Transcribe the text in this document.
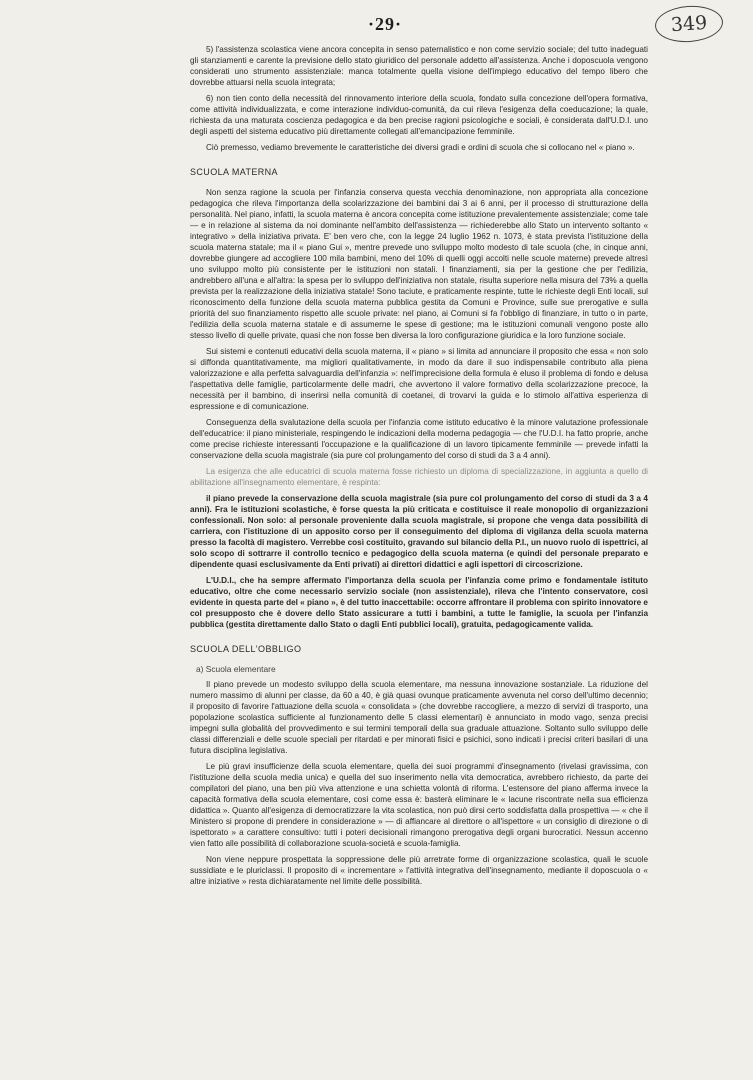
·29·	349

5) l'assistenza scolastica viene ancora concepita in senso paternalistico e non come servizio sociale; del tutto inadeguati gli stanziamenti e carente la previsione dello stato giuridico del personale addetto all'assistenza. Anche i doposcuola vengono considerati uno strumento assistenziale: manca totalmente quella visione dell'impiego educativo del tempo libero che dovrebbe attuarsi nella scuola integrata;

6) non tien conto della necessità del rinnovamento interiore della scuola, fondato sulla concezione dell'opera formativa, come attività individualizzata, e come interazione individuo-comunità, da cui rileva l'esigenza della coeducazione; la quale, richiesta da una maturata coscienza pedagogica e da ben precise ragioni psicologiche e sociali, è considerata dall'U.D.I. uno degli aspetti del sistema educativo più direttamente collegati all'emancipazione femminile.

Ciò premesso, vediamo brevemente le caratteristiche dei diversi gradi e ordini di scuola che si collocano nel « piano ».

SCUOLA MATERNA

Non senza ragione la scuola per l'infanzia conserva questa vecchia denominazione, non appropriata alla concezione pedagogica che rileva l'importanza della scolarizzazione dei bambini dai 3 ai 6 anni, per il processo di strutturazione della personalità. Nel piano, infatti, la scuola materna è ancora concepita come istituzione prevalentemente assistenziale; come tale — e in relazione al sistema da noi dominante nell'ambito dell'assistenza — richiederebbe allo Stato un intervento soltanto « integrativo » della iniziativa privata. E' ben vero che, con la legge 24 luglio 1962 n. 1073, è stata prevista l'istituzione della scuola materna statale; ma il « piano Gui », mentre prevede uno sviluppo molto modesto di tale scuola (che, in cinque anni, dovrebbe giungere ad accogliere 100 mila bambini, meno del 10% di quelli oggi accolti nelle scuole materne) prevede altresì uno sviluppo molto più consistente per le istituzioni non statali. I finanziamenti, sia per la gestione che per l'edilizia, andrebbero all'una e all'altra: la spesa per lo sviluppo dell'iniziativa non statale, risulta superiore nella misura del 73% a quella prevista per la realizzazione della iniziativa statale! Sono taciute, e praticamente respinte, tutte le richieste degli Enti locali, sul riconoscimento della funzione della scuola materna pubblica gestita da Comuni e Province, sulle sue prerogative e sulla priorità del suo finanziamento rispetto alle scuole private: nel piano, ai Comuni si fa l'obbligo di finanziare, in tutto o in parte, l'edilizia della scuola materna statale e di assumerne le spese di gestione; ma le istituzioni comunali vengono poste allo stesso livello di quelle private, quasi che non fosse ben diversa la loro configurazione giuridica e la loro funzione sociale.

Sui sistemi e contenuti educativi della scuola materna, il « piano » si limita ad annunciare il proposito che essa « non solo si diffonda quantitativamente, ma migliori qualitativamente, in modo da dare il suo indispensabile contributo alla piena valorizzazione e alla perfetta salvaguardia dell'infanzia »: nell'imprecisione della formula è eluso il problema di fondo e delusa l'aspettativa delle famiglie, particolarmente delle madri, che avvertono il valore formativo della scolarizzazione precoce, la necessità per il bambino, di inserirsi nella comunità di coetanei, di trovarvi la guida e lo stimolo all'attiva esperienza di espressione e di comunicazione.

Conseguenza della svalutazione della scuola per l'infanzia come istituto educativo è la minore valutazione professionale dell'educatrice: il piano ministeriale, respingendo le indicazioni della moderna pedagogia — che l'U.D.I. ha fatto proprie, anche come precise richieste interessanti l'occupazione e la qualificazione di un lavoro tipicamente femminile — prevede infatti la conservazione della scuola magistrale (sia pure col prolungamento del corso di studi da 3 a 4 anni).

La esigenza che alle educatrici di scuola materna fosse richiesto un diploma di specializzazione, in aggiunta a quello di abilitazione all'insegnamento elementare, è respinta:

il piano prevede la conservazione della scuola magistrale (sia pure col prolungamento del corso di studi da 3 a 4 anni). Fra le istituzioni scolastiche, è forse questa la più criticata e costituisce il reale monopolio di organizzazioni confessionali. Non solo: al personale proveniente dalla scuola magistrale, si propone che venga data possibilità di carriera, con l'istituzione di un apposito corso per il conseguimento del diploma di vigilanza della scuola materna presso la facoltà di magistero. Verrebbe così costituito, gravando sul bilancio della P.I., un nuovo ruolo di ispettrici, al solo scopo di sottrarre il controllo tecnico e pedagogico della scuola materna (e quindi del personale preparato e dipendente quasi esclusivamente da Enti privati) ai direttori didattici e agli ispettori di circoscrizione.

L'U.D.I., che ha sempre affermato l'importanza della scuola per l'infanzia come primo e fondamentale istituto educativo, oltre che come necessario servizio sociale (non assistenziale), rileva che l'intento conservatore, così evidente in questa parte del « piano », è del tutto inaccettabile: occorre affrontare il problema con spirito innovatore e col presupposto che è dovere dello Stato assicurare a tutti i bambini, a tutte le famiglie, la scuola per l'infanzia pubblica (gestita direttamente dallo Stato o dagli Enti pubblici locali), gratuita, pedagogicamente valida.

SCUOLA DELL'OBBLIGO
a) Scuola elementare

Il piano prevede un modesto sviluppo della scuola elementare, ma nessuna innovazione sostanziale. La riduzione del numero massimo di alunni per classe, da 60 a 40, è già quasi ovunque praticamente avvenuta nel corso dell'ultimo decennio; il proposito di favorire l'attuazione della scuola « consolidata » (che dovrebbe raccogliere, a mezzo di servizi di trasporto, una popolazione scolastica sufficiente al funzionamento delle 5 classi elementari) è annunciato in modo vago, senza precisi impegni sulla globalità del provvedimento e sui termini temporali della sua graduale attuazione. Soltanto sullo sviluppo delle classi differenziali e delle scuole speciali per ritardati e per minorati fisici e psichici, sono indicati i precisi criteri basilari di una futura disciplina legislativa.

Le più gravi insufficienze della scuola elementare, quella dei suoi programmi d'insegnamento (rivelasi gravissima, con l'istituzione della scuola media unica) e quella del suo inserimento nella vita democratica, avrebbero richiesto, da parte dei compilatori del piano, una ben più viva attenzione e una schietta volontà di riforma. L'estensore del piano afferma invece la capacità formativa della scuola elementare, così come essa è: basterà eliminare le « lacune riscontrate nella sua efficienza didattica ». Quanto all'esigenza di democratizzare la vita scolastica, non può dirsi certo soddisfatta dalla prospettiva — « che il Ministero si propone di prendere in considerazione » — di affiancare al direttore o all'ispettore « un consiglio di direzione o di ispettorato » a carattere consultivo: tutti i poteri decisionali rimangono prerogativa degli organi burocratici. Nessun accenno vien fatto alle possibilità di collaborazione scuola-società e scuola-famiglia.

Non viene neppure prospettata la soppressione delle più arretrate forme di organizzazione scolastica, quali le scuole sussidiate e le pluriclassi. Il proposito di « incrementare » l'attività integrativa dell'insegnamento, mediante il doposcuola o « altre iniziative » resta dichiaratamente nel limite delle possibilità.
